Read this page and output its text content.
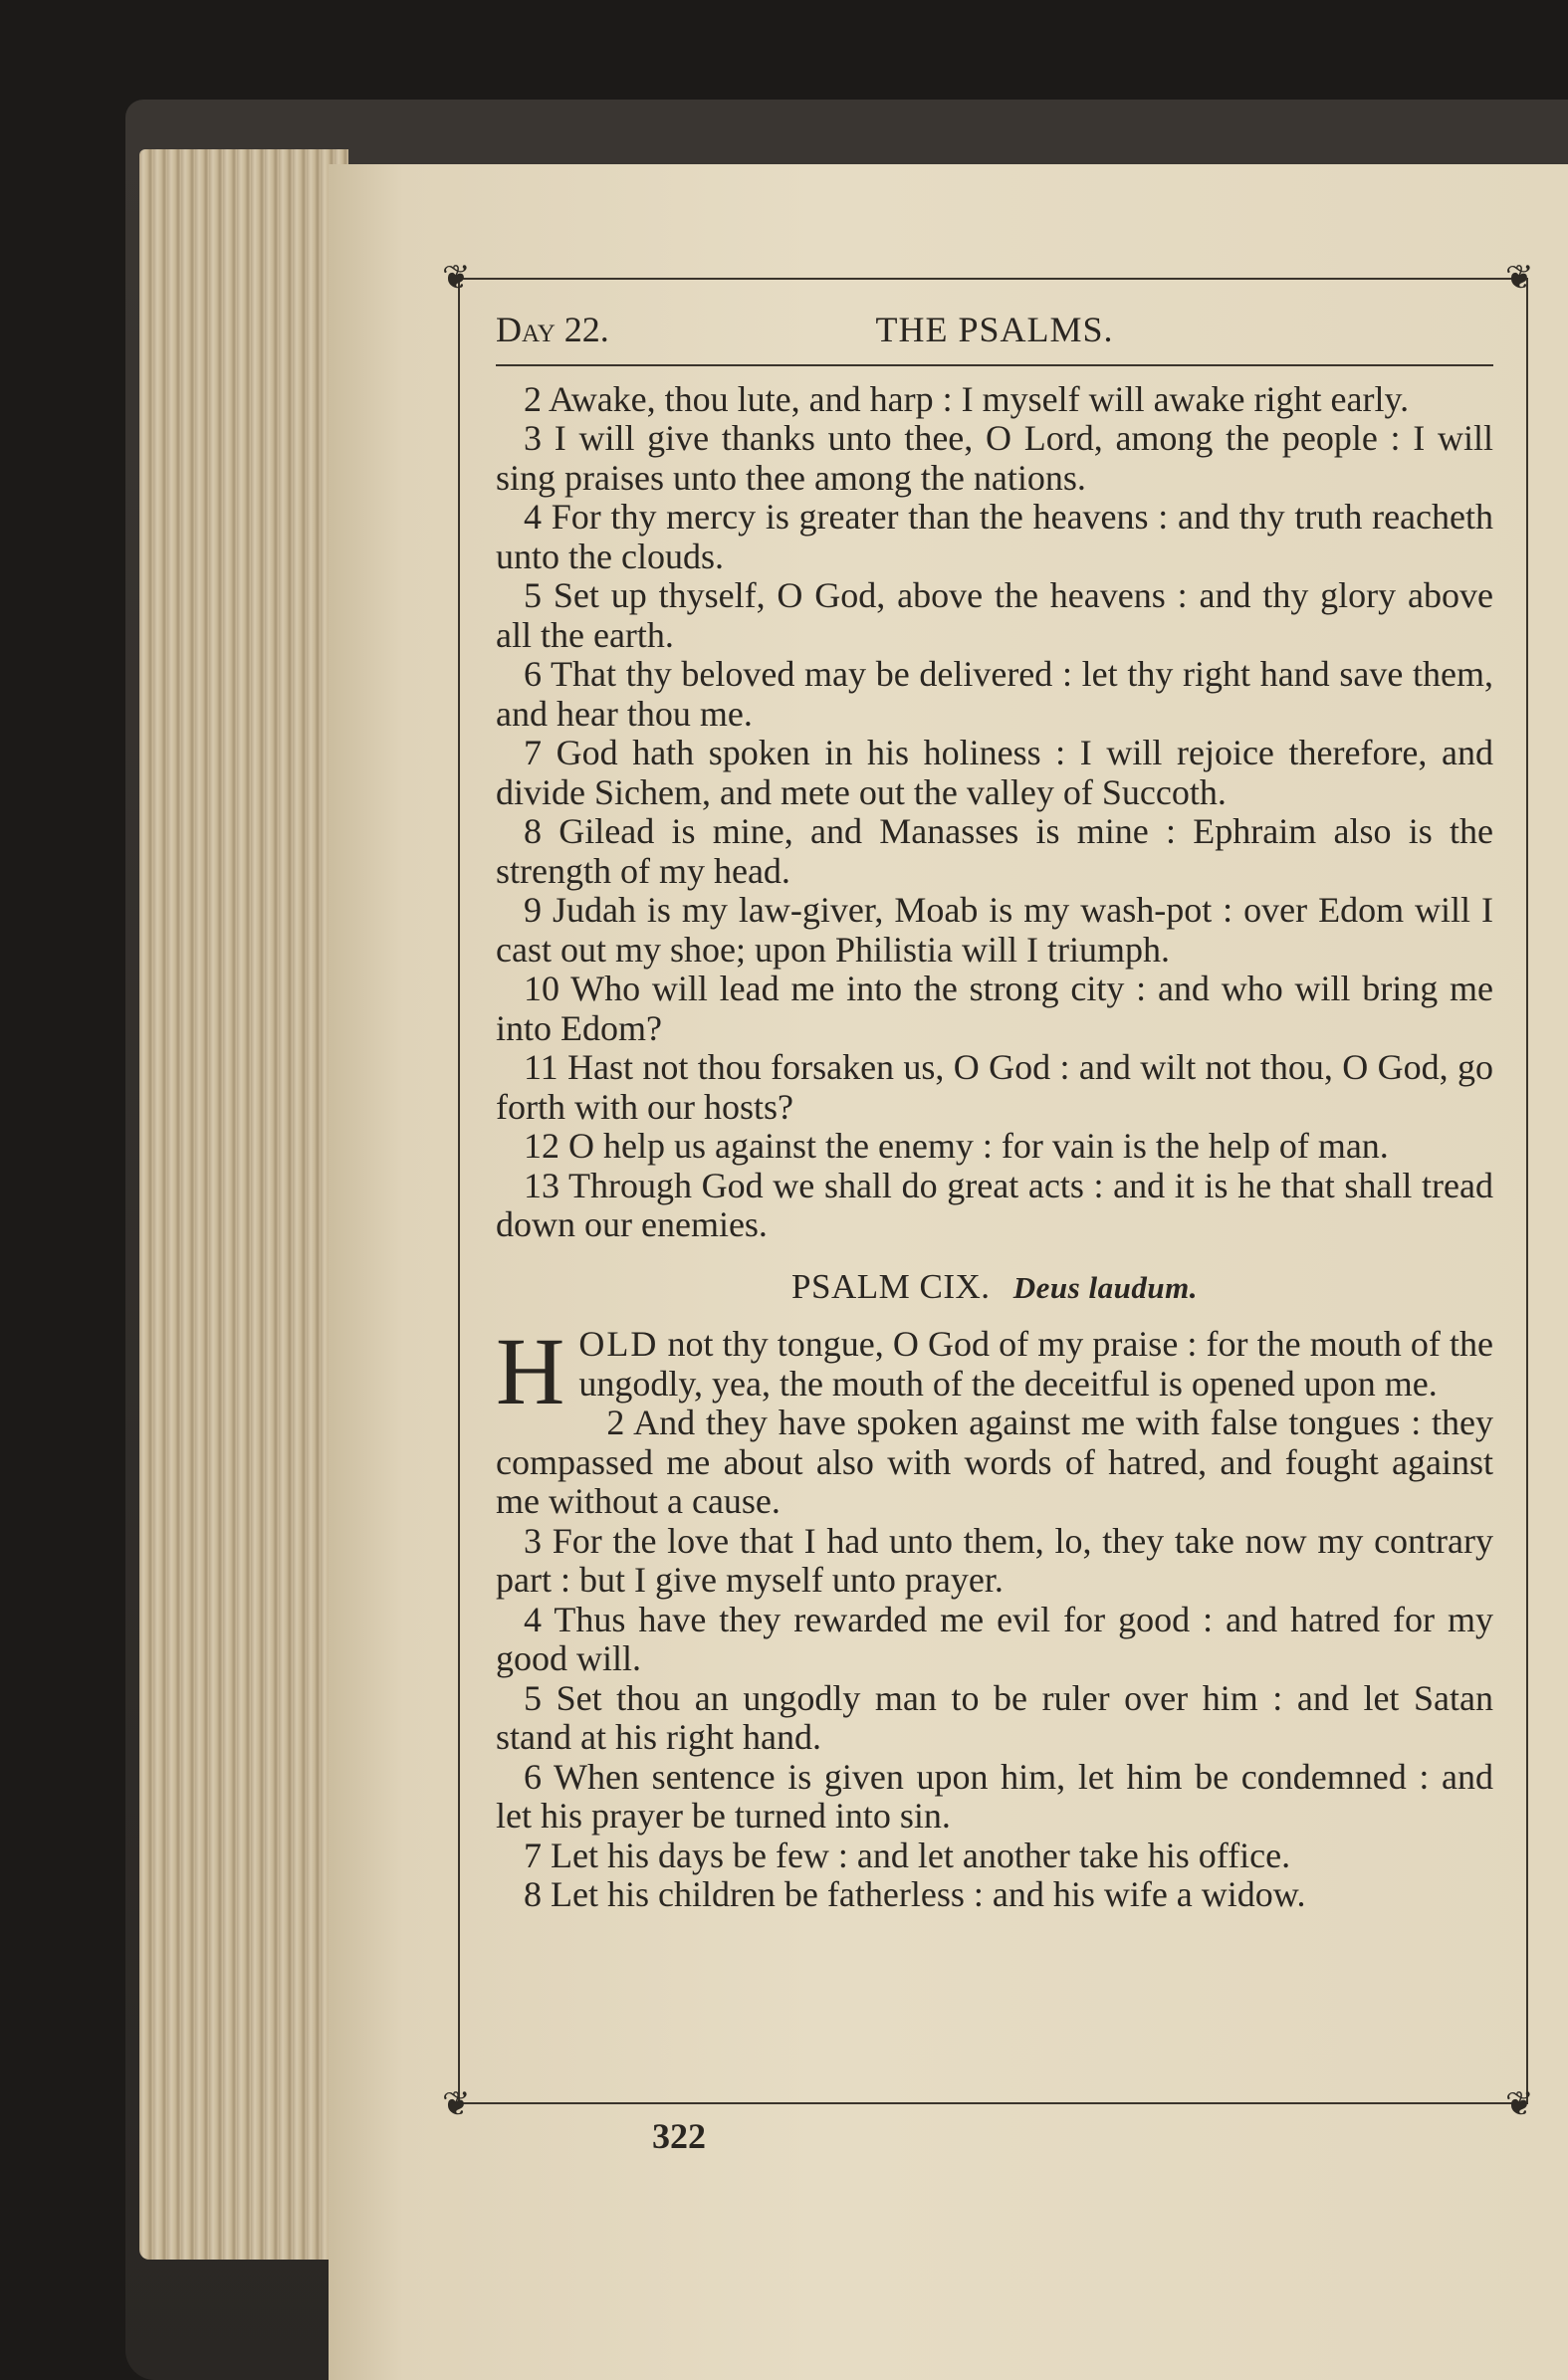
❦	❦
❦	❦
Day 22.	THE PSALMS.

2 Awake, thou lute, and harp : I myself will awake right early.

3 I will give thanks unto thee, O Lord, among the people : I will sing praises unto thee among the nations.

4 For thy mercy is greater than the heavens : and thy truth reacheth unto the clouds.

5 Set up thyself, O God, above the heavens : and thy glory above all the earth.

6 That thy beloved may be delivered : let thy right hand save them, and hear thou me.

7 God hath spoken in his holiness : I will rejoice therefore, and divide Sichem, and mete out the valley of Succoth.

8 Gilead is mine, and Manasses is mine : Ephraim also is the strength of my head.

9 Judah is my law-giver, Moab is my wash-pot : over Edom will I cast out my shoe; upon Philistia will I triumph.

10 Who will lead me into the strong city : and who will bring me into Edom?

11 Hast not thou forsaken us, O God : and wilt not thou, O God, go forth with our hosts?

12 O help us against the enemy : for vain is the help of man.

13 Through God we shall do great acts : and it is he that shall tread down our enemies.

PSALM CIX. Deus laudum.

HOLD not thy tongue, O God of my praise : for the mouth of the ungodly, yea, the mouth of the deceitful is opened upon me.

2 And they have spoken against me with false tongues : they compassed me about also with words of hatred, and fought against me without a cause.

3 For the love that I had unto them, lo, they take now my contrary part : but I give myself unto prayer.

4 Thus have they rewarded me evil for good : and hatred for my good will.

5 Set thou an ungodly man to be ruler over him : and let Satan stand at his right hand.

6 When sentence is given upon him, let him be condemned : and let his prayer be turned into sin.

7 Let his days be few : and let another take his office.

8 Let his children be fatherless : and his wife a widow.

322
